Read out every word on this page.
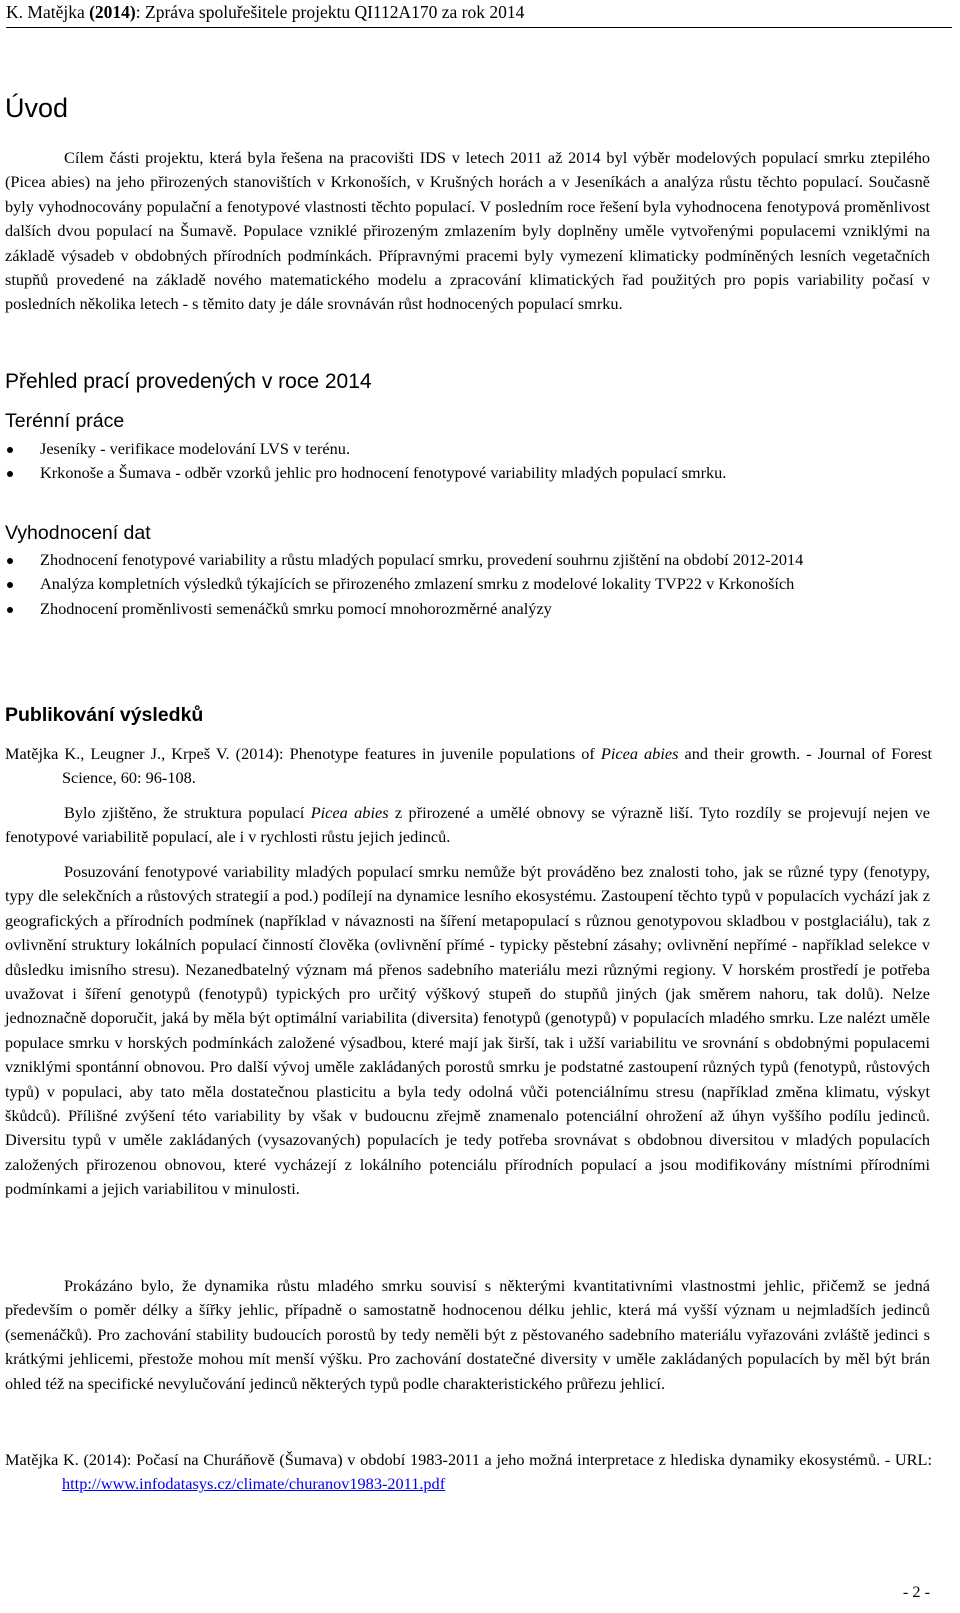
K. Matějka (2014): Zpráva spoluřešitele projektu QI112A170 za rok 2014
Úvod

Cílem části projektu, která byla řešena na pracovišti IDS v letech 2011 až 2014 byl výběr modelových populací smrku ztepilého (Picea abies) na jeho přirozených stanovištích v Krkonoších, v Krušných horách a v Jeseníkách a analýza růstu těchto populací. Současně byly vyhodnocovány populační a fenotypové vlastnosti těchto populací. V posledním roce řešení byla vyhodnocena fenotypová proměnlivost dalších dvou populací na Šumavě. Populace vzniklé přirozeným zmlazením byly doplněny uměle vytvořenými populacemi vzniklými na základě výsadeb v obdobných přírodních podmínkách. Přípravnými pracemi byly vymezení klimaticky podmíněných lesních vegetačních stupňů provedené na základě nového matematického modelu a zpracování klimatických řad použitých pro popis variability počasí v posledních několika letech - s těmito daty je dále srovnáván růst hodnocených populací smrku.

Přehled prací provedených v roce 2014
Terénní práce
Jeseníky - verifikace modelování LVS v terénu.
Krkonoše a Šumava - odběr vzorků jehlic pro hodnocení fenotypové variability mladých populací smrku.
Vyhodnocení dat
Zhodnocení fenotypové variability a růstu mladých populací smrku, provedení souhrnu zjištění na období 2012-2014
Analýza kompletních výsledků týkajících se přirozeného zmlazení smrku z modelové lokality TVP22 v Krkonoších
Zhodnocení proměnlivosti semenáčků smrku pomocí mnohorozměrné analýzy
Publikování výsledků

Matějka K., Leugner J., Krpeš V. (2014): Phenotype features in juvenile populations of Picea abies and their growth. - Journal of Forest Science, 60: 96-108.

Bylo zjištěno, že struktura populací Picea abies z přirozené a umělé obnovy se výrazně liší. Tyto rozdíly se projevují nejen ve fenotypové variabilitě populací, ale i v rychlosti růstu jejich jedinců.

Posuzování fenotypové variability mladých populací smrku nemůže být prováděno bez znalosti toho, jak se různé typy (fenotypy, typy dle selekčních a růstových strategií a pod.) podílejí na dynamice lesního ekosystému. Zastoupení těchto typů v populacích vychází jak z geografických a přírodních podmínek (například v návaznosti na šíření metapopulací s různou genotypovou skladbou v postglaciálu), tak z ovlivnění struktury lokálních populací činností člověka (ovlivnění přímé - typicky pěstební zásahy; ovlivnění nepřímé - například selekce v důsledku imisního stresu). Nezanedbatelný význam má přenos sadebního materiálu mezi různými regiony. V horském prostředí je potřeba uvažovat i šíření genotypů (fenotypů) typických pro určitý výškový stupeň do stupňů jiných (jak směrem nahoru, tak dolů). Nelze jednoznačně doporučit, jaká by měla být optimální variabilita (diversita) fenotypů (genotypů) v populacích mladého smrku. Lze nalézt uměle populace smrku v horských podmínkách založené výsadbou, které mají jak širší, tak i užší variabilitu ve srovnání s obdobnými populacemi vzniklými spontánní obnovou. Pro další vývoj uměle zakládaných porostů smrku je podstatné zastoupení různých typů (fenotypů, růstových typů) v populaci, aby tato měla dostatečnou plasticitu a byla tedy odolná vůči potenciálnímu stresu (například změna klimatu, výskyt škůdců). Přílišné zvýšení této variability by však v budoucnu zřejmě znamenalo potenciální ohrožení až úhyn vyššího podílu jedinců. Diversitu typů v uměle zakládaných (vysazovaných) populacích je tedy potřeba srovnávat s obdobnou diversitou v mladých populacích založených přirozenou obnovou, které vycházejí z lokálního potenciálu přírodních populací a jsou modifikovány místními přírodními podmínkami a jejich variabilitou v minulosti.

Prokázáno bylo, že dynamika růstu mladého smrku souvisí s některými kvantitativními vlastnostmi jehlic, přičemž se jedná především o poměr délky a šířky jehlic, případně o samostatně hodnocenou délku jehlic, která má vyšší význam u nejmladších jedinců (semenáčků). Pro zachování stability budoucích porostů by tedy neměli být z pěstovaného sadebního materiálu vyřazováni zvláště jedinci s krátkými jehlicemi, přestože mohou mít menší výšku. Pro zachování dostatečné diversity v uměle zakládaných populacích by měl být brán ohled též na specifické nevylučování jedinců některých typů podle charakteristického průřezu jehlicí.

Matějka K. (2014): Počasí na Churáňově (Šumava) v období 1983-2011 a jeho možná interpretace z hlediska dynamiky ekosystémů. - URL: http://www.infodatasys.cz/climate/churanov1983-2011.pdf

- 2 -
